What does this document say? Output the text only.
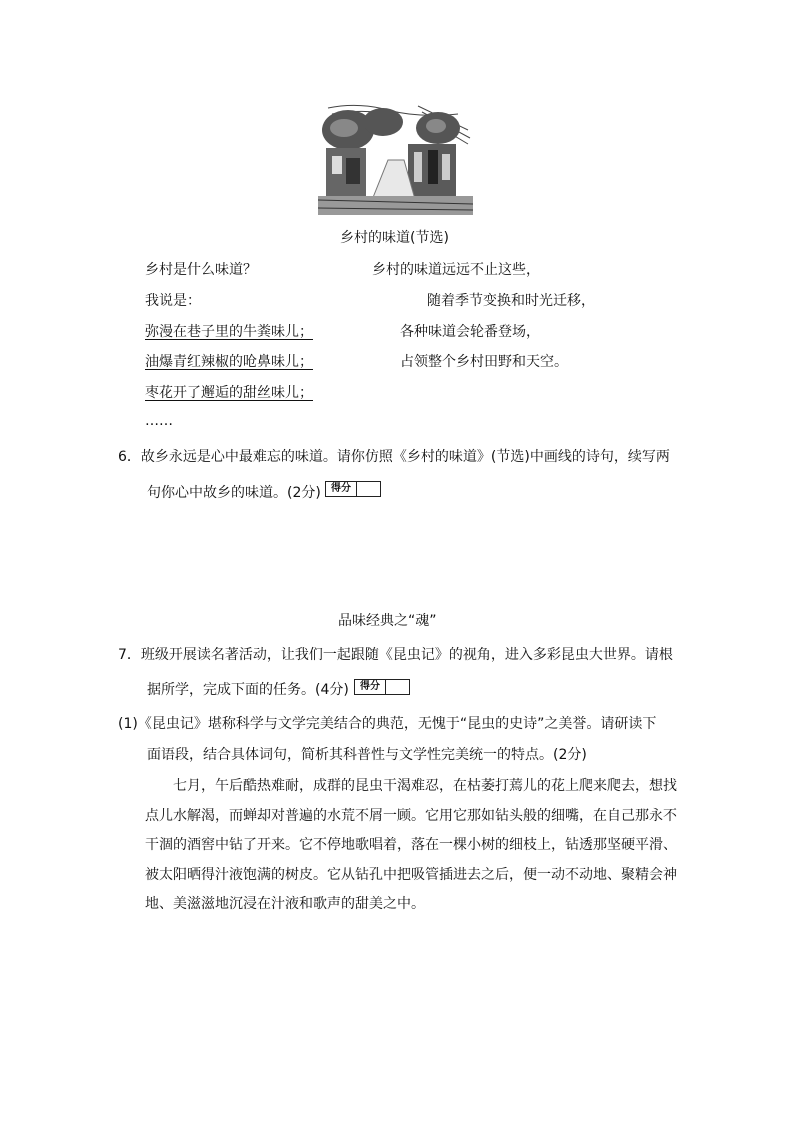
乡村的味道(节选)
乡村是什么味道？
我说是：
弥漫在巷子里的牛粪味儿；
油爆青红辣椒的呛鼻味儿；
枣花开了邂逅的甜丝味儿；
……
乡村的味道远远不止这些，
随着季节变换和时光迁移，
各种味道会轮番登场，
占领整个乡村田野和天空。
6．故乡永远是心中最难忘的味道。请你仿照《乡村的味道》(节选)中画线的诗句，续写两
句你心中故乡的味道。(2分)	得分
品味经典之“魂”
7．班级开展读名著活动，让我们一起跟随《昆虫记》的视角，进入多彩昆虫大世界。请根
据所学，完成下面的任务。(4分)	得分
(1)《昆虫记》堪称科学与文学完美结合的典范，无愧于“昆虫的史诗”之美誉。请研读下
面语段，结合具体词句，简析其科普性与文学性完美统一的特点。(2分)
七月，午后酷热难耐，成群的昆虫干渴难忍，在枯萎打蔫儿的花上爬来爬去，想找点儿水解渴，而蝉却对普遍的水荒不屑一顾。它用它那如钻头般的细嘴，在自己那永不干涸的酒窖中钻了开来。它不停地歌唱着，落在一棵小树的细枝上，钻透那坚硬平滑、被太阳晒得汁液饱满的树皮。它从钻孔中把吸管插进去之后，便一动不动地、聚精会神地、美滋滋地沉浸在汁液和歌声的甜美之中。
